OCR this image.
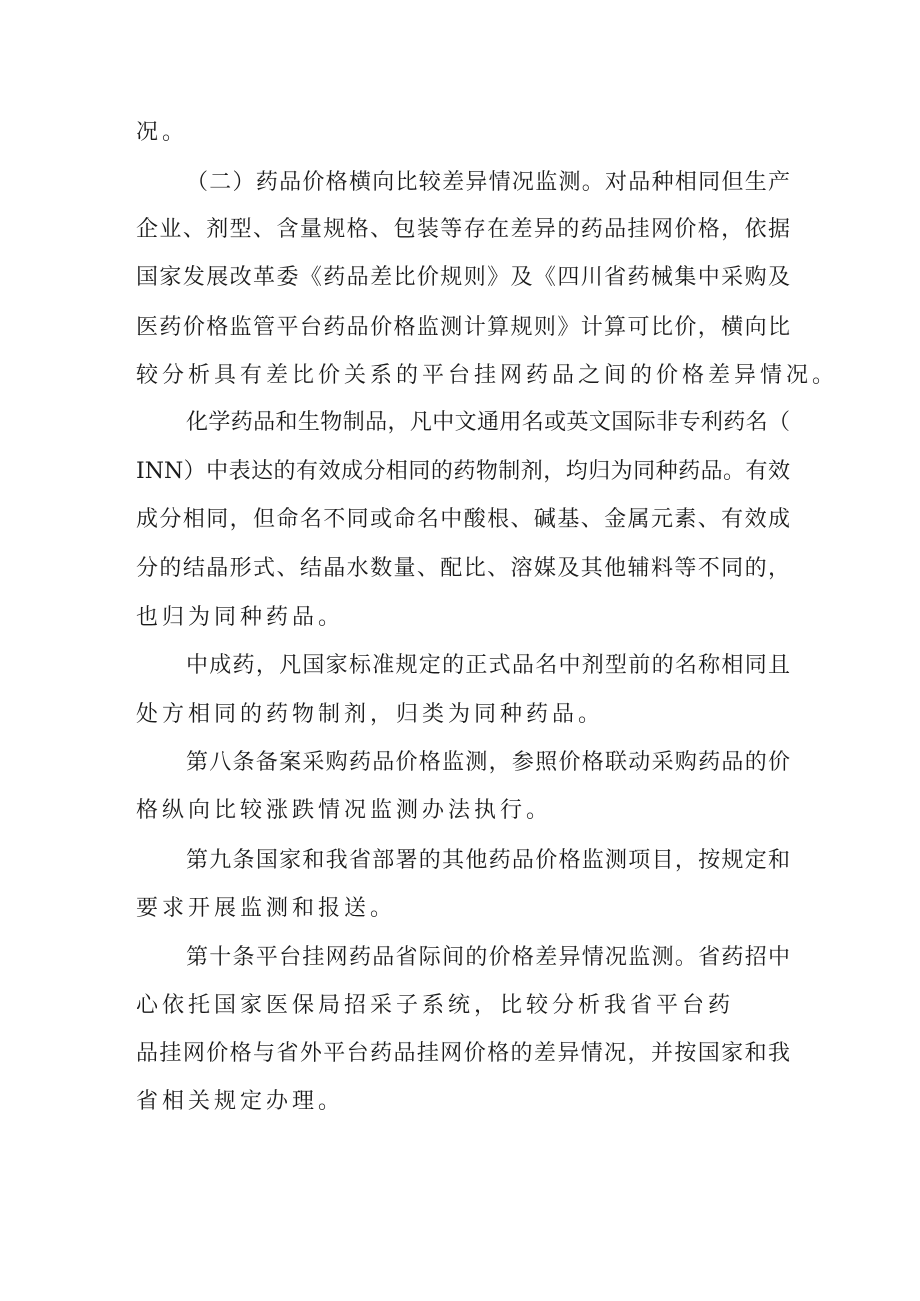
况。

（二）药品价格横向比较差异情况监测。对品种相同但生产

企业、剂型、含量规格、包装等存在差异的药品挂网价格，依据

国家发展改革委《药品差比价规则》及《四川省药械集中采购及

医药价格监管平台药品价格监测计算规则》计算可比价，横向比

较分析具有差比价关系的平台挂网药品之间的价格差异情况。

化学药品和生物制品，凡中文通用名或英文国际非专利药名（

INN）中表达的有效成分相同的药物制剂，均归为同种药品。有效

成分相同，但命名不同或命名中酸根、碱基、金属元素、有效成

分的结晶形式、结晶水数量、配比、溶媒及其他辅料等不同的，

也归为同种药品。

中成药，凡国家标准规定的正式品名中剂型前的名称相同且

处方相同的药物制剂，归类为同种药品。

第八条备案采购药品价格监测，参照价格联动采购药品的价

格纵向比较涨跌情况监测办法执行。

第九条国家和我省部署的其他药品价格监测项目，按规定和

要求开展监测和报送。

第十条平台挂网药品省际间的价格差异情况监测。省药招中

心依托国家医保局招采子系统，比较分析我省平台药

品挂网价格与省外平台药品挂网价格的差异情况，并按国家和我

省相关规定办理。
